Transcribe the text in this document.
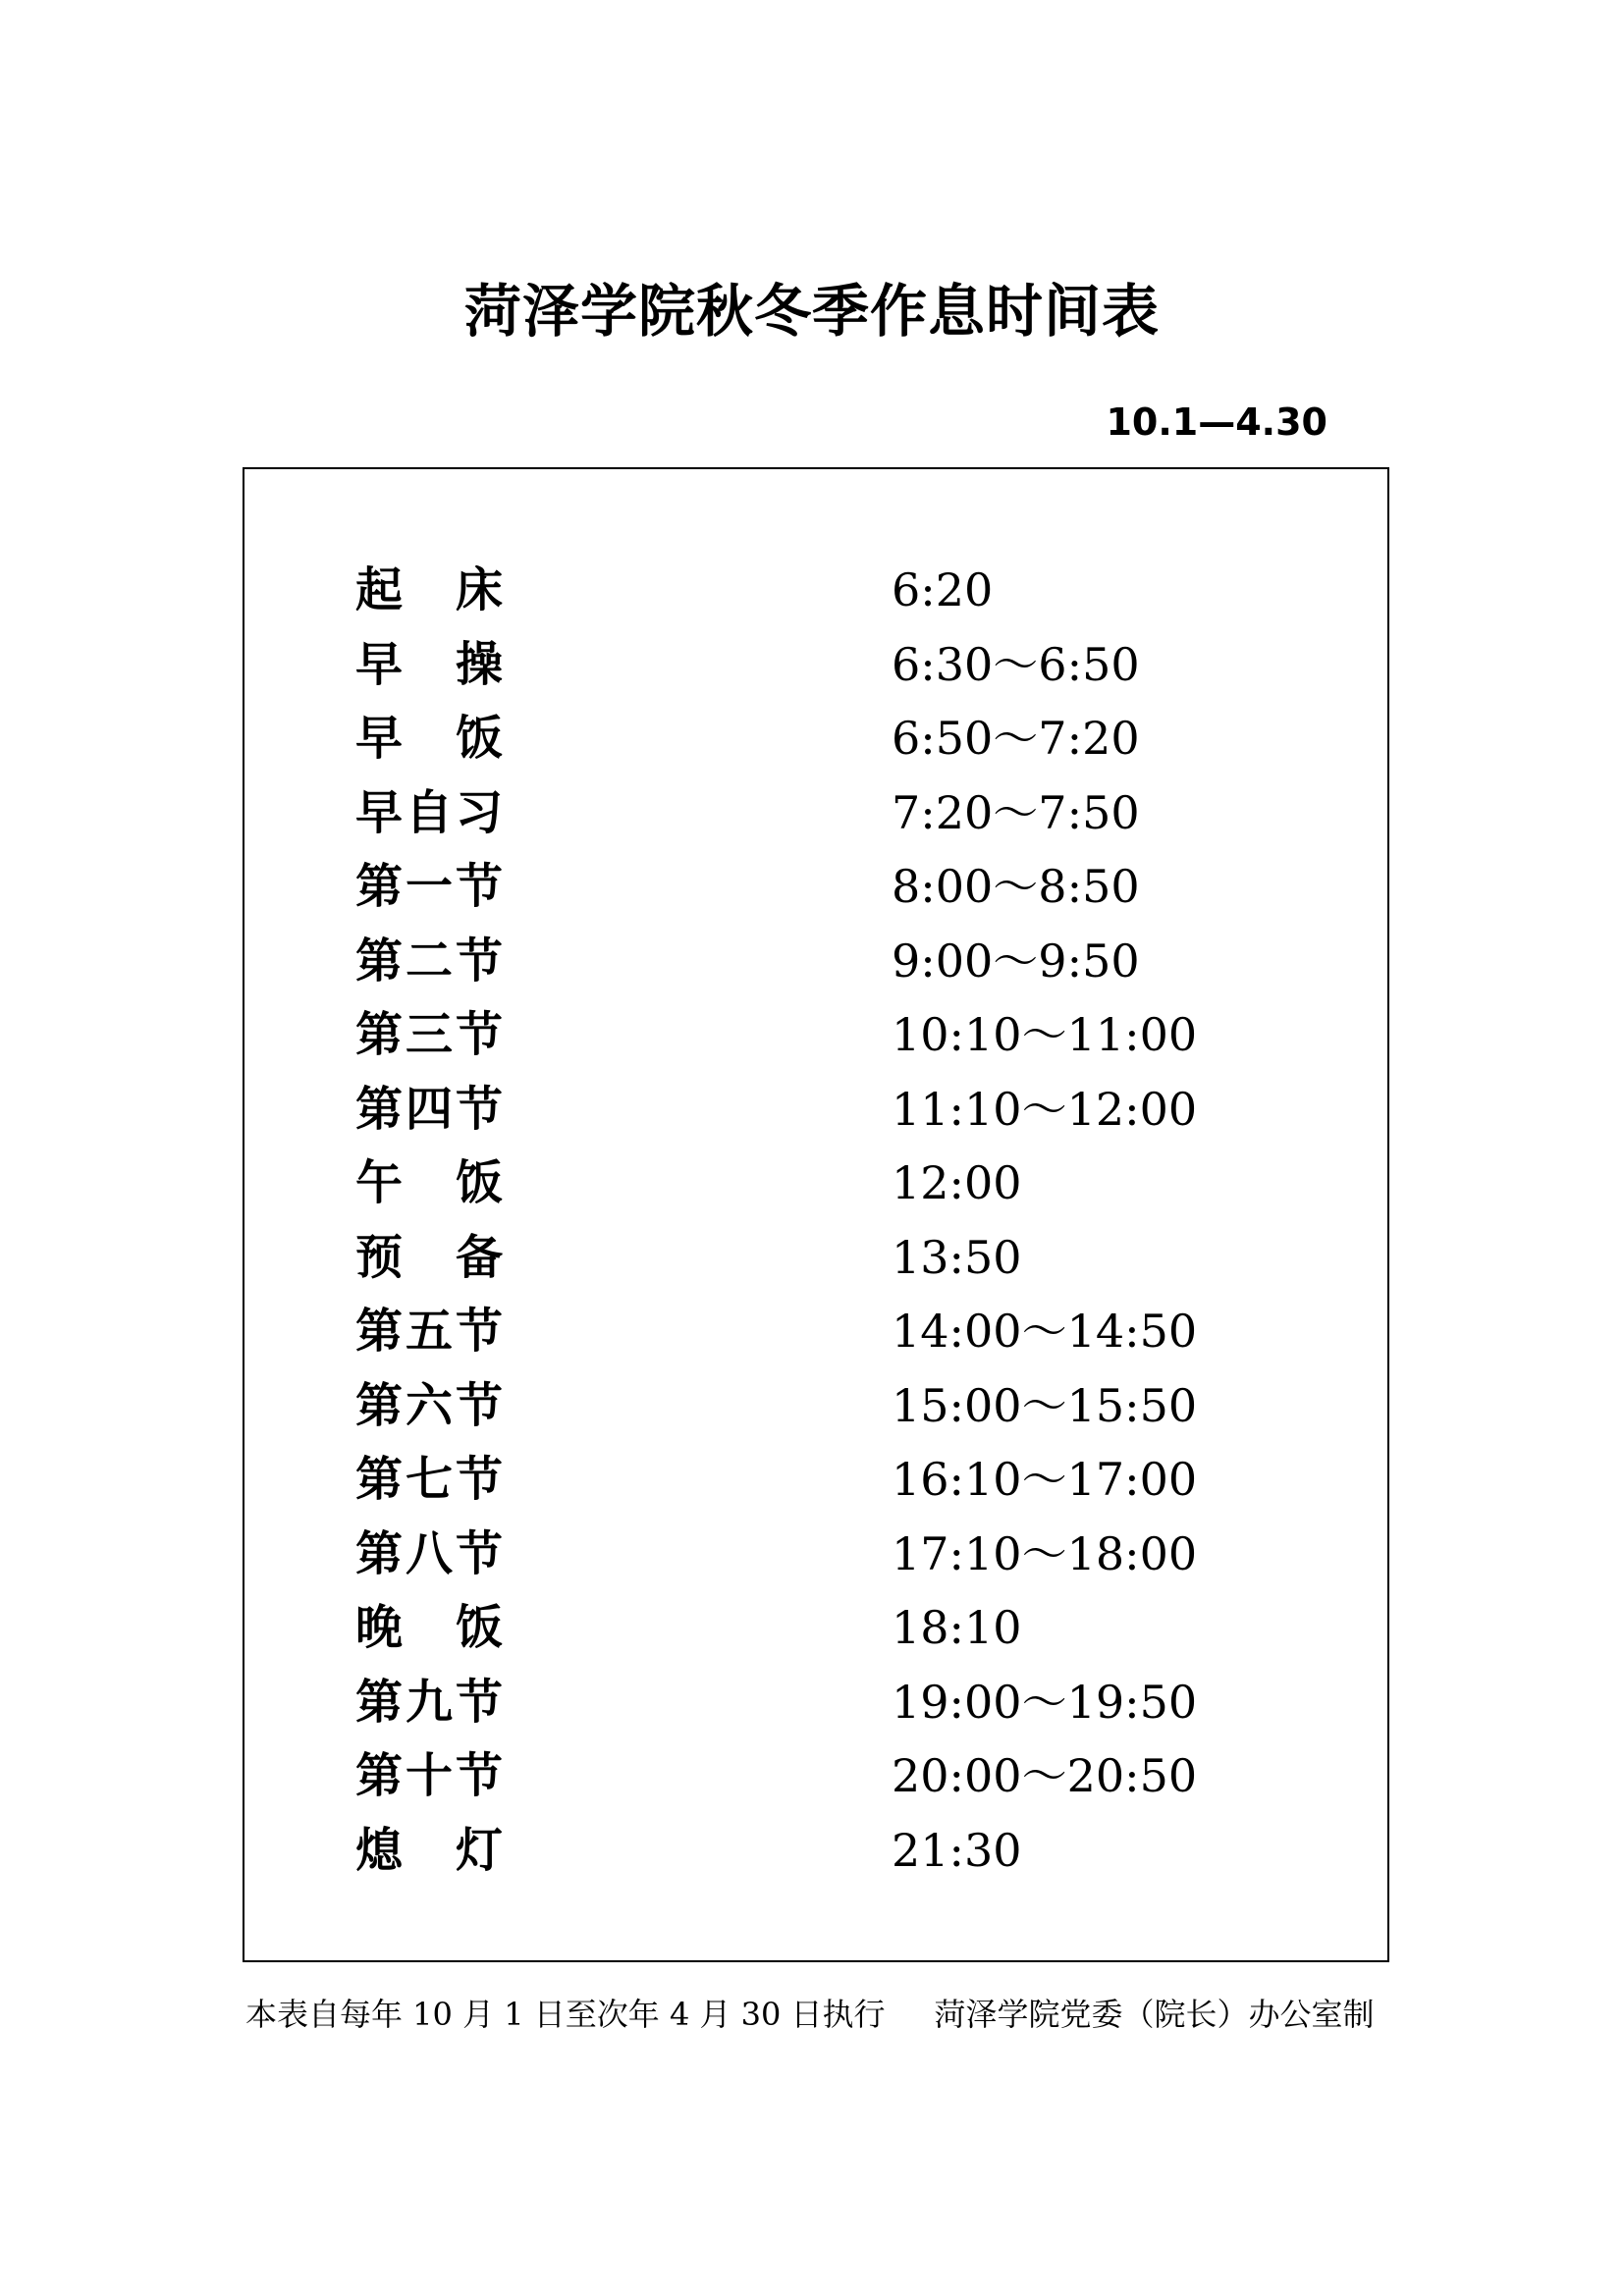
菏泽学院秋冬季作息时间表
10.1—4.30
起床	6:20
早操	6:30～6:50
早饭	6:50～7:20
早自习	7:20～7:50
第一节	8:00～8:50
第二节	9:00～9:50
第三节	10:10～11:00
第四节	11:10～12:00
午饭	12:00
预备	13:50
第五节	14:00～14:50
第六节	15:00～15:50
第七节	16:10～17:00
第八节	17:10～18:00
晚饭	18:10
第九节	19:00～19:50
第十节	20:00～20:50
熄灯	21:30
本表自每年 10 月 1 日至次年 4 月 30 日执行 菏泽学院党委（院长）办公室制
